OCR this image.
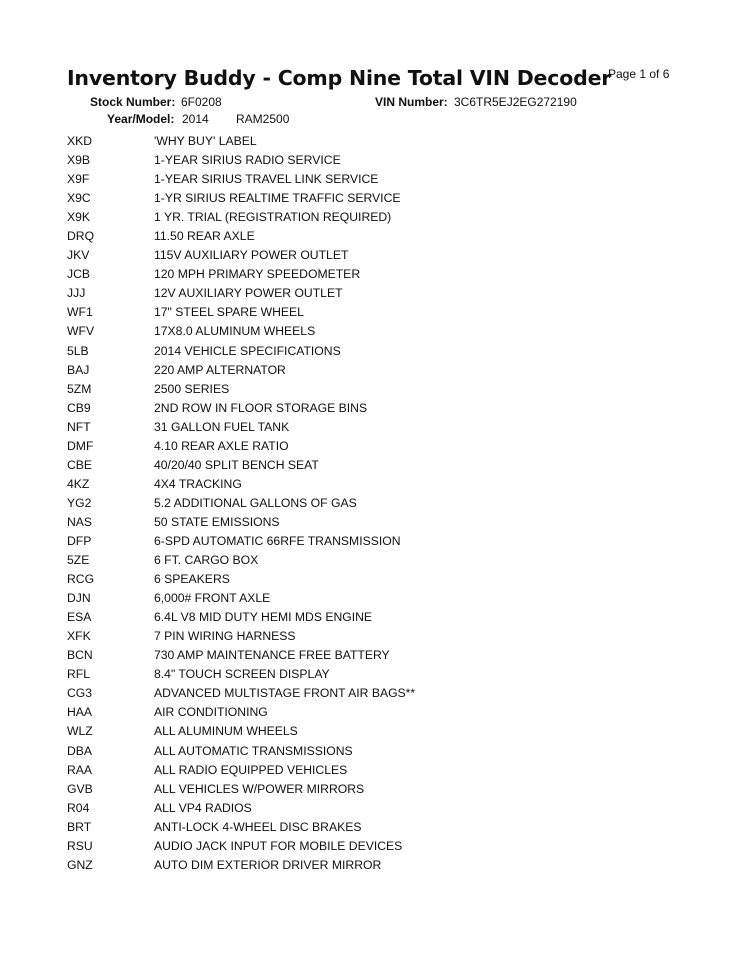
Inventory Buddy - Comp Nine Total VIN Decoder
Page 1 of 6
Stock Number: 6F0208	VIN Number: 3C6TR5EJ2EG272190
Year/Model: 2014 RAM2500
XKD	'WHY BUY' LABEL
X9B	1-YEAR SIRIUS RADIO SERVICE
X9F	1-YEAR SIRIUS TRAVEL LINK SERVICE
X9C	1-YR SIRIUS REALTIME TRAFFIC SERVICE
X9K	1 YR. TRIAL (REGISTRATION REQUIRED)
DRQ	11.50 REAR AXLE
JKV	115V AUXILIARY POWER OUTLET
JCB	120 MPH PRIMARY SPEEDOMETER
JJJ	12V AUXILIARY POWER OUTLET
WF1	17" STEEL SPARE WHEEL
WFV	17X8.0 ALUMINUM WHEELS
5LB	2014 VEHICLE SPECIFICATIONS
BAJ	220 AMP ALTERNATOR
5ZM	2500 SERIES
CB9	2ND ROW IN FLOOR STORAGE BINS
NFT	31 GALLON FUEL TANK
DMF	4.10 REAR AXLE RATIO
CBE	40/20/40 SPLIT BENCH SEAT
4KZ	4X4 TRACKING
YG2	5.2 ADDITIONAL GALLONS OF GAS
NAS	50 STATE EMISSIONS
DFP	6-SPD AUTOMATIC 66RFE TRANSMISSION
5ZE	6 FT. CARGO BOX
RCG	6 SPEAKERS
DJN	6,000# FRONT AXLE
ESA	6.4L V8 MID DUTY HEMI MDS ENGINE
XFK	7 PIN WIRING HARNESS
BCN	730 AMP MAINTENANCE FREE BATTERY
RFL	8.4" TOUCH SCREEN DISPLAY
CG3	ADVANCED MULTISTAGE FRONT AIR BAGS**
HAA	AIR CONDITIONING
WLZ	ALL ALUMINUM WHEELS
DBA	ALL AUTOMATIC TRANSMISSIONS
RAA	ALL RADIO EQUIPPED VEHICLES
GVB	ALL VEHICLES W/POWER MIRRORS
R04	ALL VP4 RADIOS
BRT	ANTI-LOCK 4-WHEEL DISC BRAKES
RSU	AUDIO JACK INPUT FOR MOBILE DEVICES
GNZ	AUTO DIM EXTERIOR DRIVER MIRROR
